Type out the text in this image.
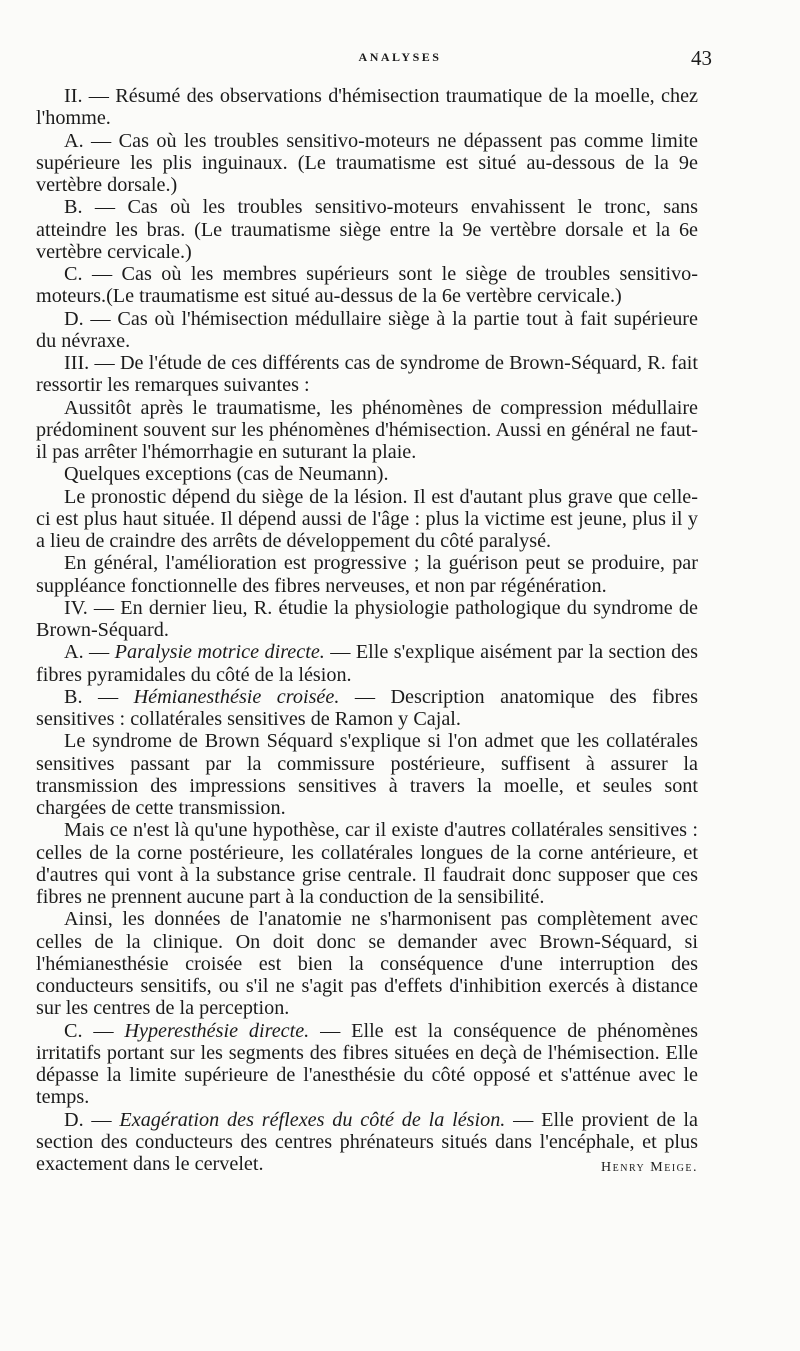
ANALYSES	43

II. — Résumé des observations d'hémisection traumatique de la moelle, chez l'homme.

A. — Cas où les troubles sensitivo-moteurs ne dépassent pas comme limite supérieure les plis inguinaux. (Le traumatisme est situé au-dessous de la 9e vertèbre dorsale.)

B. — Cas où les troubles sensitivo-moteurs envahissent le tronc, sans atteindre les bras. (Le traumatisme siège entre la 9e vertèbre dorsale et la 6e vertèbre cervicale.)

C. — Cas où les membres supérieurs sont le siège de troubles sensitivo-moteurs.(Le traumatisme est situé au-dessus de la 6e vertèbre cervicale.)

D. — Cas où l'hémisection médullaire siège à la partie tout à fait supérieure du névraxe.

III. — De l'étude de ces différents cas de syndrome de Brown-Séquard, R. fait ressortir les remarques suivantes :

Aussitôt après le traumatisme, les phénomènes de compression médullaire prédominent souvent sur les phénomènes d'hémisection. Aussi en général ne faut-il pas arrêter l'hémorrhagie en suturant la plaie.

Quelques exceptions (cas de Neumann).

Le pronostic dépend du siège de la lésion. Il est d'autant plus grave que celle-ci est plus haut située. Il dépend aussi de l'âge : plus la victime est jeune, plus il y a lieu de craindre des arrêts de développement du côté paralysé.

En général, l'amélioration est progressive ; la guérison peut se produire, par suppléance fonctionnelle des fibres nerveuses, et non par régénération.

IV. — En dernier lieu, R. étudie la physiologie pathologique du syndrome de Brown-Séquard.

A. — Paralysie motrice directe. — Elle s'explique aisément par la section des fibres pyramidales du côté de la lésion.

B. — Hémianesthésie croisée. — Description anatomique des fibres sensitives : collatérales sensitives de Ramon y Cajal.

Le syndrome de Brown Séquard s'explique si l'on admet que les collatérales sensitives passant par la commissure postérieure, suffisent à assurer la transmission des impressions sensitives à travers la moelle, et seules sont chargées de cette transmission.

Mais ce n'est là qu'une hypothèse, car il existe d'autres collatérales sensitives : celles de la corne postérieure, les collatérales longues de la corne antérieure, et d'autres qui vont à la substance grise centrale. Il faudrait donc supposer que ces fibres ne prennent aucune part à la conduction de la sensibilité.

Ainsi, les données de l'anatomie ne s'harmonisent pas complètement avec celles de la clinique. On doit donc se demander avec Brown-Séquard, si l'hémianesthésie croisée est bien la conséquence d'une interruption des conducteurs sensitifs, ou s'il ne s'agit pas d'effets d'inhibition exercés à distance sur les centres de la perception.

C. — Hyperesthésie directe. — Elle est la conséquence de phénomènes irritatifs portant sur les segments des fibres situées en deçà de l'hémisection. Elle dépasse la limite supérieure de l'anesthésie du côté opposé et s'atténue avec le temps.

D. — Exagération des réflexes du côté de la lésion. — Elle provient de la section des conducteurs des centres phrénateurs situés dans l'encéphale, et plus exactement dans le cervelet.	Henry Meige.
